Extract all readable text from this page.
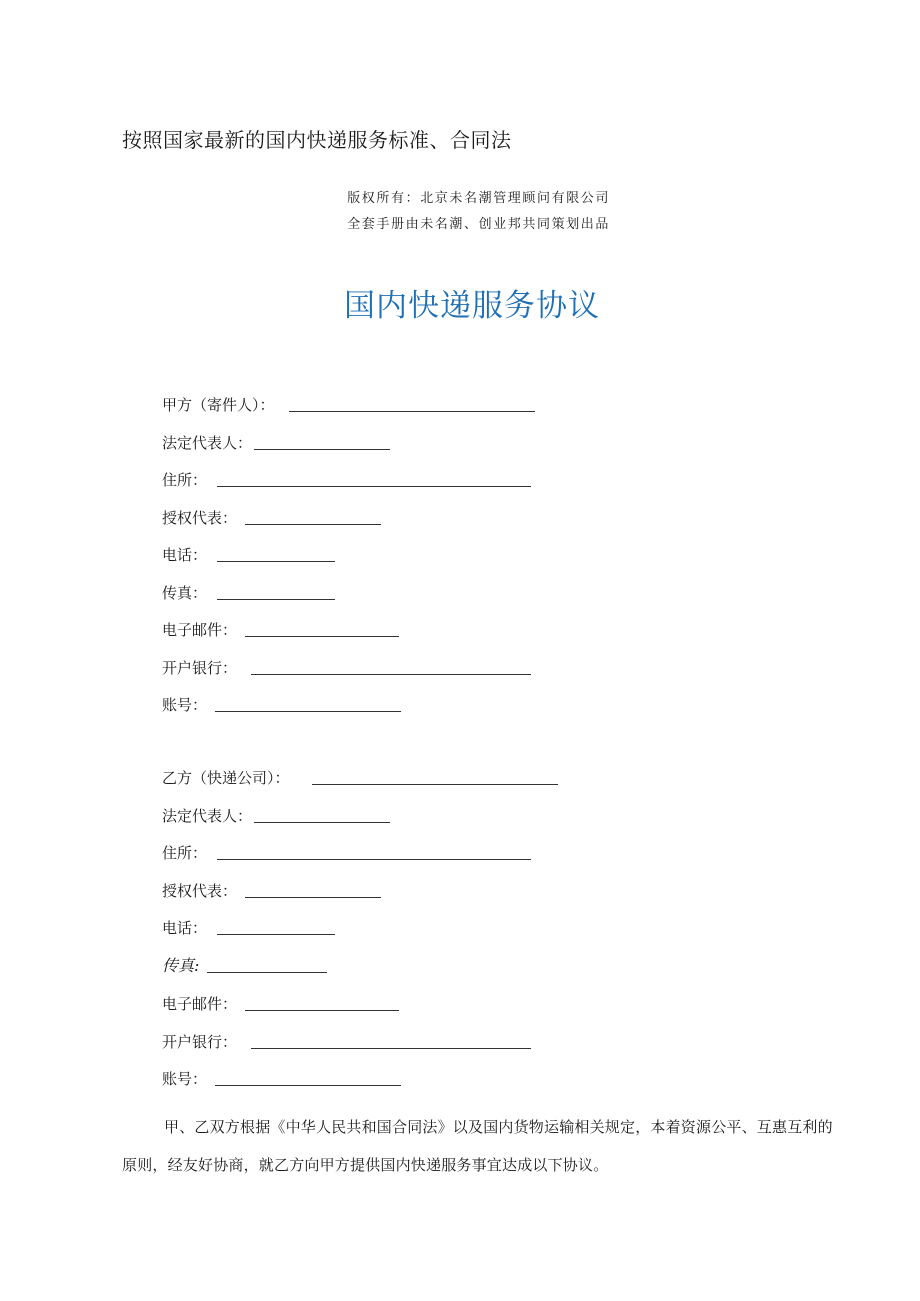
按照国家最新的国内快递服务标准、合同法
版权所有：北京未名潮管理顾问有限公司
全套手册由未名潮、创业邦共同策划出品
国内快递服务协议
甲方（寄件人）：
法定代表人：
住所：
授权代表：
电话：
传真：
电子邮件：
开户银行：
账号：
乙方（快递公司）：
法定代表人：
住所：
授权代表：
电话：
传真:
电子邮件：
开户银行：
账号：
甲、乙双方根据《中华人民共和国合同法》以及国内货物运输相关规定，本着资源公平、互惠互利的原则，经友好协商，就乙方向甲方提供国内快递服务事宜达成以下协议。
